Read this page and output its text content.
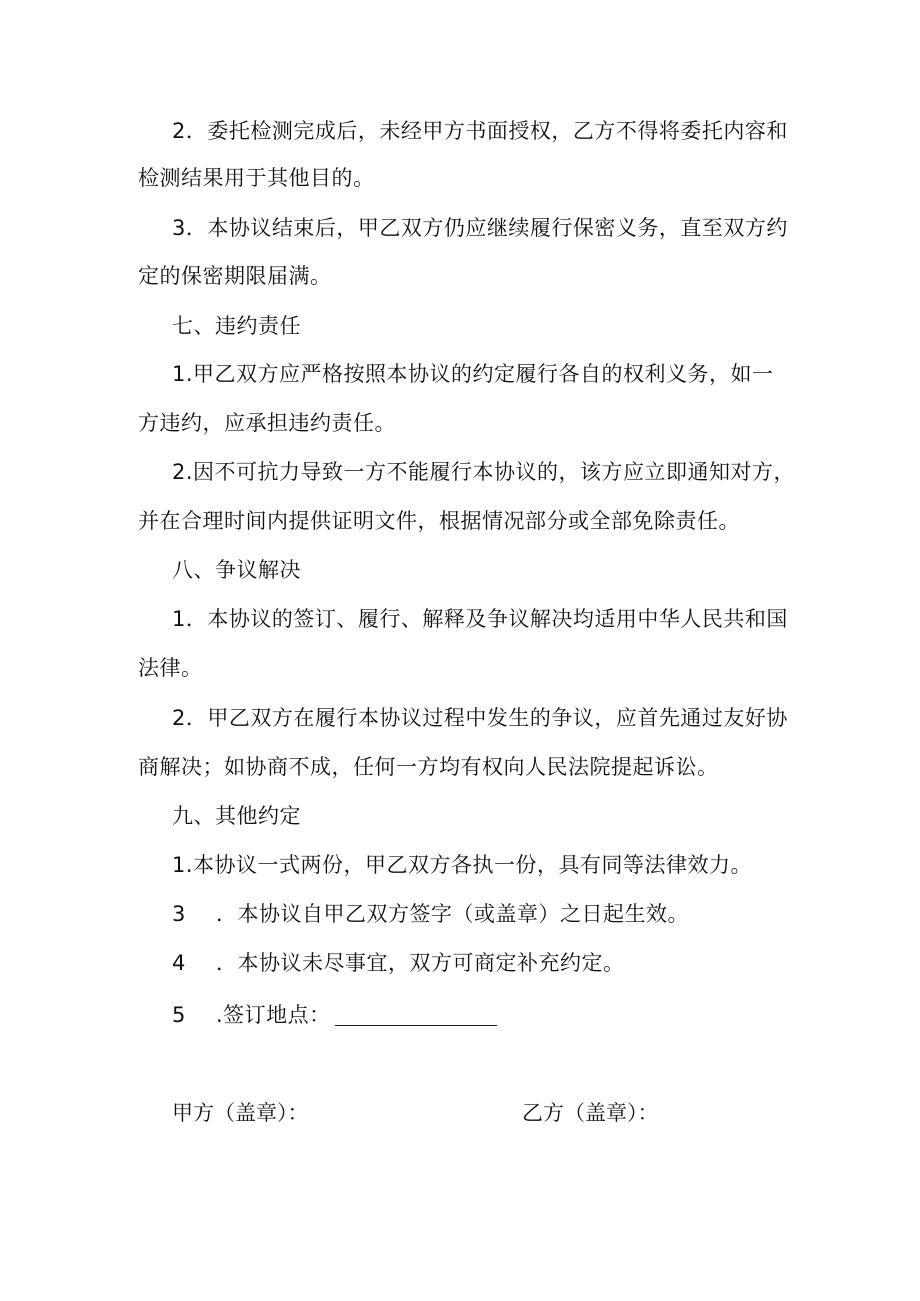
2．委托检测完成后，未经甲方书面授权，乙方不得将委托内容和
检测结果用于其他目的。
3．本协议结束后，甲乙双方仍应继续履行保密义务，直至双方约
定的保密期限届满。
七、违约责任
1.甲乙双方应严格按照本协议的约定履行各自的权利义务，如一
方违约，应承担违约责任。
2.因不可抗力导致一方不能履行本协议的，该方应立即通知对方，
并在合理时间内提供证明文件，根据情况部分或全部免除责任。
八、争议解决
1．本协议的签订、履行、解释及争议解决均适用中华人民共和国
法律。
2．甲乙双方在履行本协议过程中发生的争议，应首先通过友好协
商解决；如协商不成，任何一方均有权向人民法院提起诉讼。
九、其他约定
1.本协议一式两份，甲乙双方各执一份，具有同等法律效力。
3 ．本协议自甲乙双方签字（或盖章）之日起生效。
4 ．本协议未尽事宜，双方可商定补充约定。
5 .签订地点：
甲方（盖章）：	乙方（盖章）：
